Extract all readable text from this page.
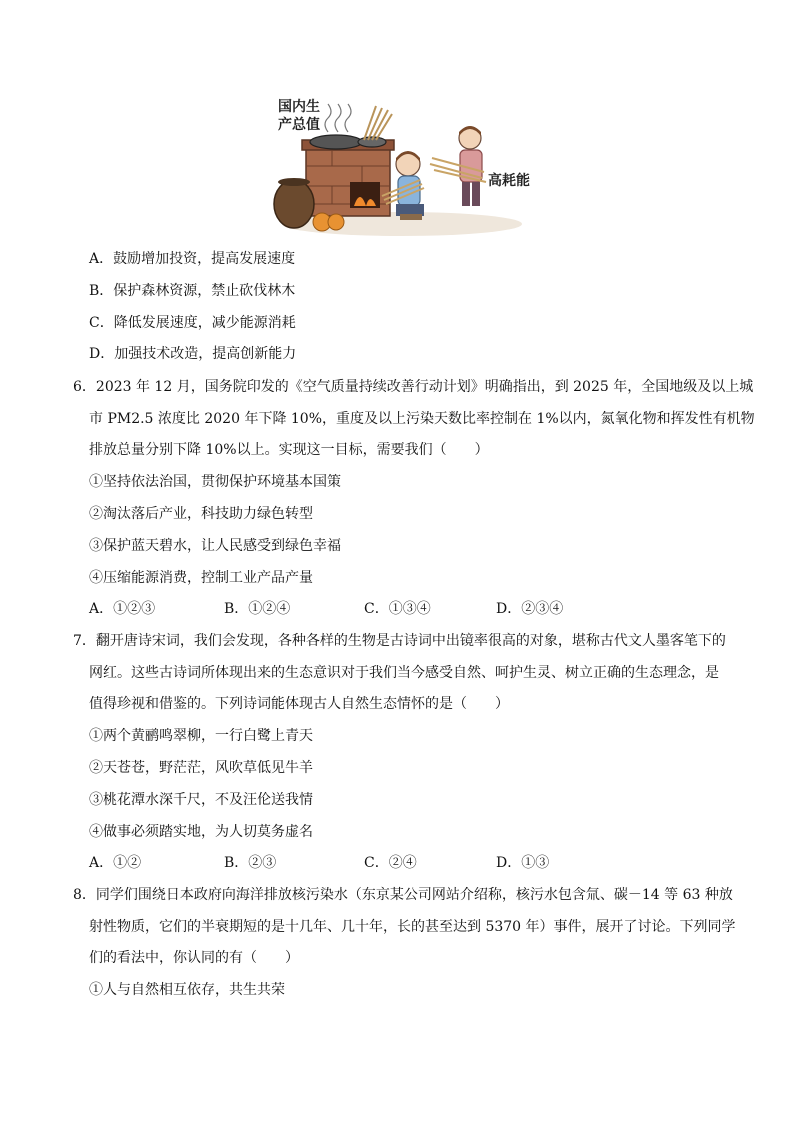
国内生产总值
高耗能
A．鼓励增加投资，提高发展速度
B．保护森林资源，禁止砍伐林木
C．降低发展速度，减少能源消耗
D．加强技术改造，提高创新能力
6．2023 年 12 月，国务院印发的《空气质量持续改善行动计划》明确指出，到 2025 年，全国地级及以上城
市 PM2.5 浓度比 2020 年下降 10%，重度及以上污染天数比率控制在 1%以内，氮氧化物和挥发性有机物
排放总量分别下降 10%以上。实现这一目标，需要我们（　　）
①坚持依法治国，贯彻保护环境基本国策
②淘汰落后产业，科技助力绿色转型
③保护蓝天碧水，让人民感受到绿色幸福
④压缩能源消费，控制工业产品产量
A．①②③	B．①②④	C．①③④	D．②③④
7．翻开唐诗宋词，我们会发现，各种各样的生物是古诗词中出镜率很高的对象，堪称古代文人墨客笔下的
网红。这些古诗词所体现出来的生态意识对于我们当今感受自然、呵护生灵、树立正确的生态理念，是
值得珍视和借鉴的。下列诗词能体现古人自然生态情怀的是（　　）
①两个黄鹂鸣翠柳，一行白鹭上青天
②天苍苍，野茫茫，风吹草低见牛羊
③桃花潭水深千尺，不及汪伦送我情
④做事必须踏实地，为人切莫务虚名
A．①②	B．②③	C．②④	D．①③
8．同学们围绕日本政府向海洋排放核污染水（东京某公司网站介绍称，核污水包含氚、碳－14 等 63 种放
射性物质，它们的半衰期短的是十几年、几十年，长的甚至达到 5370 年）事件，展开了讨论。下列同学
们的看法中，你认同的有（　　）
①人与自然相互依存，共生共荣
